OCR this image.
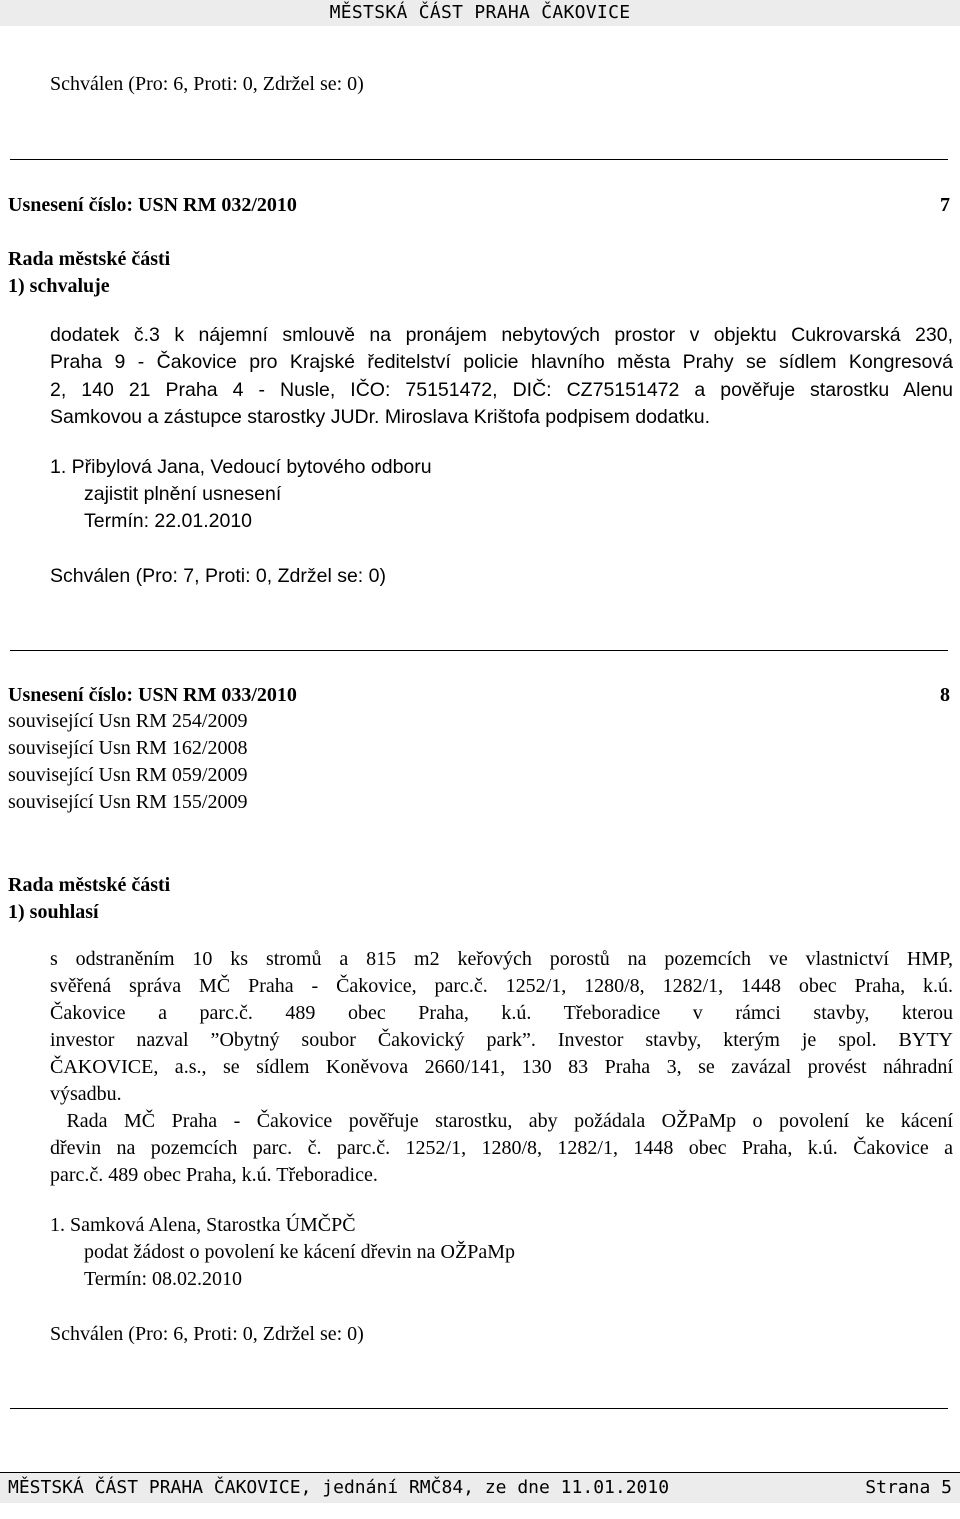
MĚSTSKÁ ČÁST PRAHA ČAKOVICE
Schválen (Pro: 6, Proti: 0, Zdržel se: 0)
Usnesení číslo: USN RM 032/2010	7
Rada městské části
1) schvaluje
dodatek č.3 k nájemní smlouvě na pronájem nebytových prostor v objektu Cukrovarská 230,
Praha 9 - Čakovice pro Krajské ředitelství policie hlavního města Prahy se sídlem Kongresová
2, 140 21 Praha 4 - Nusle, IČO: 75151472, DIČ: CZ75151472 a pověřuje starostku Alenu
Samkovou a zástupce starostky JUDr. Miroslava Krištofa podpisem dodatku.
1. Přibylová Jana, Vedoucí bytového odboru
zajistit plnění usnesení
Termín: 22.01.2010
Schválen (Pro: 7, Proti: 0, Zdržel se: 0)
Usnesení číslo: USN RM 033/2010	8
související Usn RM 254/2009
související Usn RM 162/2008
související Usn RM 059/2009
související Usn RM 155/2009
Rada městské části
1) souhlasí
s odstraněním 10 ks stromů a 815 m2 keřových porostů na pozemcích ve vlastnictví HMP,
svěřená správa MČ Praha - Čakovice, parc.č. 1252/1, 1280/8, 1282/1, 1448 obec Praha, k.ú.
Čakovice a parc.č. 489 obec Praha, k.ú. Třeboradice v rámci stavby, kterou
investor nazval ”Obytný soubor Čakovický park”. Investor stavby, kterým je spol. BYTY
ČAKOVICE, a.s., se sídlem Koněvova 2660/141, 130 83 Praha 3, se zavázal provést náhradní
výsadbu.
Rada MČ Praha - Čakovice pověřuje starostku, aby požádala OŽPaMp o povolení ke kácení
dřevin na pozemcích parc. č. parc.č. 1252/1, 1280/8, 1282/1, 1448 obec Praha, k.ú. Čakovice a
parc.č. 489 obec Praha, k.ú. Třeboradice.
1. Samková Alena, Starostka ÚMČPČ
podat žádost o povolení ke kácení dřevin na OŽPaMp
Termín: 08.02.2010
Schválen (Pro: 6, Proti: 0, Zdržel se: 0)
MĚSTSKÁ ČÁST PRAHA ČAKOVICE, jednání RMČ84, ze dne 11.01.2010	Strana 5
